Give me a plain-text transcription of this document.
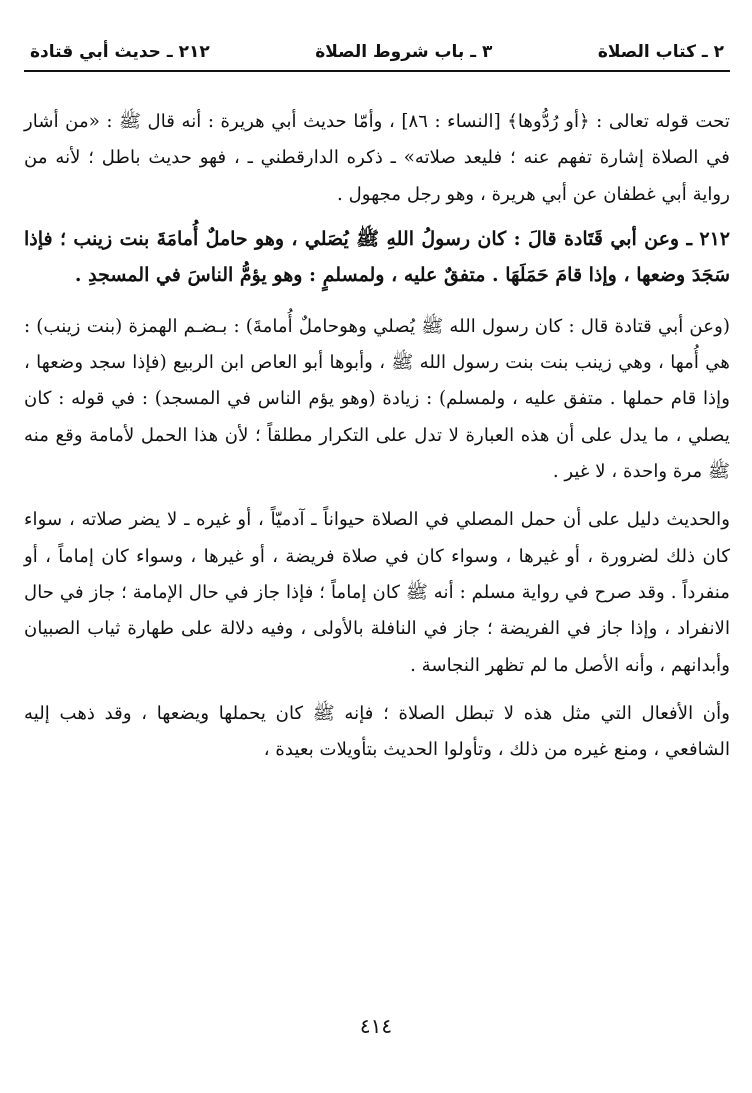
٢ ـ كتاب الصلاة
٣ ـ باب شروط الصلاة
٢١٢ ـ حديث أبي قتادة

تحت قوله تعالى : ﴿أو رُدُّوها﴾ [النساء : ٨٦] ، وأمّا حديث أبي هريرة : أنه قال ﷺ : «من أشار في الصلاة إشارة تفهم عنه ؛ فليعد صلاته» ـ ذكره الدارقطني ـ ، فهو حديث باطل ؛ لأنه من رواية أبي غطفان عن أبي هريرة ، وهو رجل مجهول .

٢١٢ ـ وعن أبي قَتَادة قالَ : كان رسولُ اللهِ ﷺ يُصَلي ، وهو حاملٌ أُمامَةَ بنت زينب ؛ فإذا سَجَدَ وضعها ، وإذا قامَ حَمَلَهَا . متفقٌ عليه ، ولمسلمٍ : وهو يؤمُّ الناسَ في المسجدِ .

(وعن أبي قتادة قال : كان رسول الله ﷺ يُصلي وهوحاملٌ أُمامةَ) : بـضـم الهمزة (بنت زينب) : هي أُمها ، وهي زينب بنت بنت رسول الله ﷺ ، وأبوها أبو العاص ابن الربيع (فإذا سجد وضعها ، وإذا قام حملها . متفق عليه ، ولمسلم) : زيادة (وهو يؤم الناس في المسجد) : في قوله : كان يصلي ، ما يدل على أن هذه العبارة لا تدل على التكرار مطلقاً ؛ لأن هذا الحمل لأمامة وقع منه ﷺ مرة واحدة ، لا غير .

والحديث دليل على أن حمل المصلي في الصلاة حيواناً ـ آدميّاً ، أو غيره ـ لا يضر صلاته ، سواء كان ذلك لضرورة ، أو غيرها ، وسواء كان في صلاة فريضة ، أو غيرها ، وسواء كان إماماً ، أو منفرداً . وقد صرح في رواية مسلم : أنه ﷺ كان إماماً ؛ فإذا جاز في حال الإمامة ؛ جاز في حال الانفراد ، وإذا جاز في الفريضة ؛ جاز في النافلة بالأولى ، وفيه دلالة على طهارة ثياب الصبيان وأبدانهم ، وأنه الأصل ما لم تظهر النجاسة .

وأن الأفعال التي مثل هذه لا تبطل الصلاة ؛ فإنه ﷺ كان يحملها ويضعها ، وقد ذهب إليه الشافعي ، ومنع غيره من ذلك ، وتأولوا الحديث بتأويلات بعيدة ،

٤١٤
